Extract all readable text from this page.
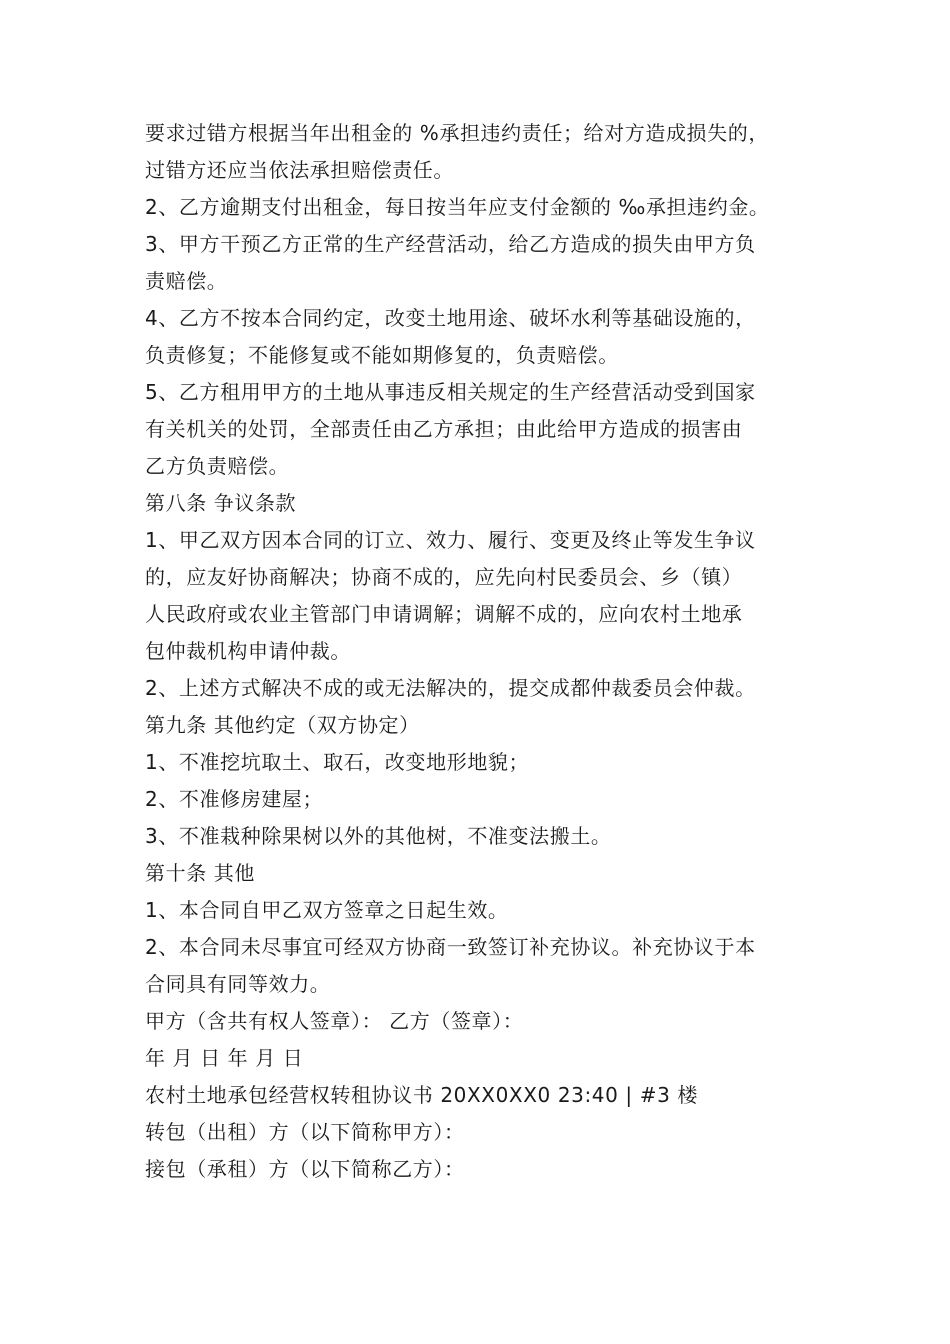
要求过错方根据当年出租金的 %承担违约责任；给对方造成损失的，
过错方还应当依法承担赔偿责任。
2、乙方逾期支付出租金，每日按当年应支付金额的 ‰承担违约金。
3、甲方干预乙方正常的生产经营活动，给乙方造成的损失由甲方负
责赔偿。
4、乙方不按本合同约定，改变土地用途、破坏水利等基础设施的，
负责修复；不能修复或不能如期修复的，负责赔偿。
5、乙方租用甲方的土地从事违反相关规定的生产经营活动受到国家
有关机关的处罚，全部责任由乙方承担；由此给甲方造成的损害由
乙方负责赔偿。
第八条 争议条款
1、甲乙双方因本合同的订立、效力、履行、变更及终止等发生争议
的，应友好协商解决；协商不成的，应先向村民委员会、乡（镇）
人民政府或农业主管部门申请调解；调解不成的，应向农村土地承
包仲裁机构申请仲裁。
2、上述方式解决不成的或无法解决的，提交成都仲裁委员会仲裁。
第九条 其他约定（双方协定）
1、不准挖坑取土、取石，改变地形地貌；
2、不准修房建屋；
3、不准栽种除果树以外的其他树，不准变法搬土。
第十条 其他
1、本合同自甲乙双方签章之日起生效。
2、本合同未尽事宜可经双方协商一致签订补充协议。补充协议于本
合同具有同等效力。
甲方（含共有权人签章）： 乙方（签章）：
年 月 日 年 月 日
农村土地承包经营权转租协议书 20XX0XX0 23:40 | #3 楼
转包（出租）方（以下简称甲方）：
接包（承租）方（以下简称乙方）：
